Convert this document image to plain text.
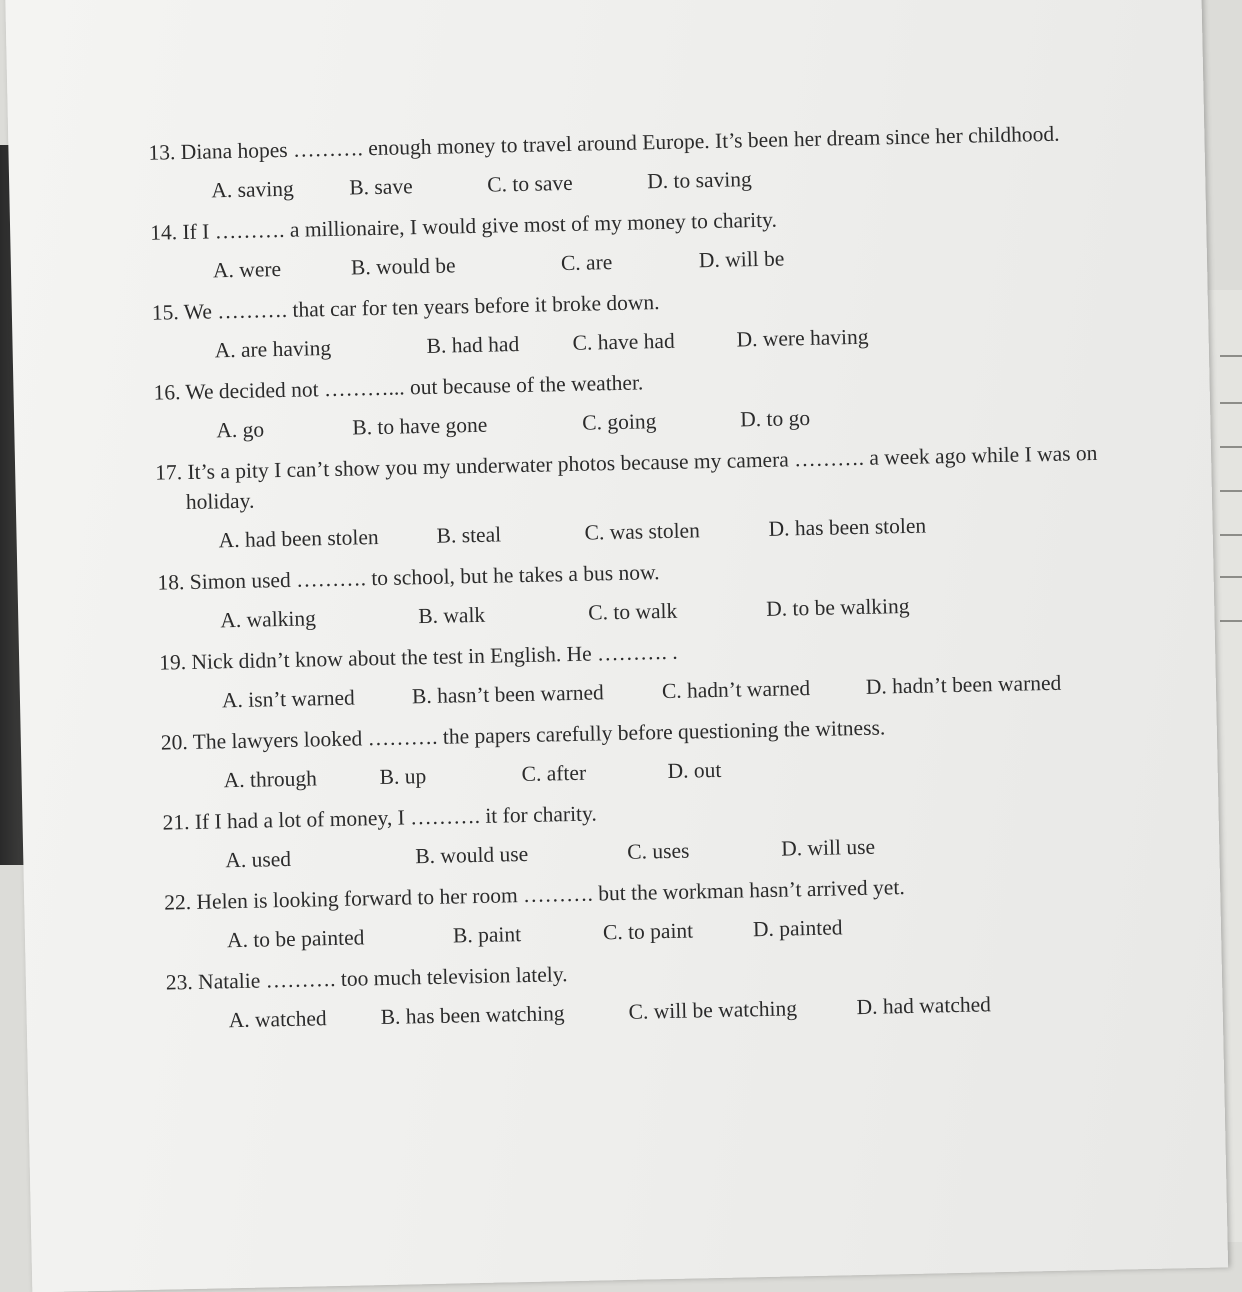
13. Diana hopes ………. enough money to travel around Europe. It’s been her dream since her childhood.

A. saving	B. save	C. to save	D. to saving

14. If I ………. a millionaire, I would give most of my money to charity.

A. were	B. would be	C. are	D. will be

15. We ………. that car for ten years before it broke down.

A. are having	B. had had	C. have had	D. were having

16. We decided not ………... out because of the weather.

A. go	B. to have gone	C. going	D. to go

17. It’s a pity I can’t show you my underwater photos because my camera ………. a week ago while I was on holiday.

A. had been stolen	B. steal	C. was stolen	D. has been stolen

18. Simon used ………. to school, but he takes a bus now.

A. walking	B. walk	C. to walk	D. to be walking

19. Nick didn’t know about the test in English. He ………. .

A. isn’t warned	B. hasn’t been warned	C. hadn’t warned	D. hadn’t been warned

20. The lawyers looked ………. the papers carefully before questioning the witness.

A. through	B. up	C. after	D. out

21. If I had a lot of money, I ………. it for charity.

A. used	B. would use	C. uses	D. will use

22. Helen is looking forward to her room ………. but the workman hasn’t arrived yet.

A. to be painted	B. paint	C. to paint	D. painted

23. Natalie ………. too much television lately.

A. watched	B. has been watching	C. will be watching	D. had watched
